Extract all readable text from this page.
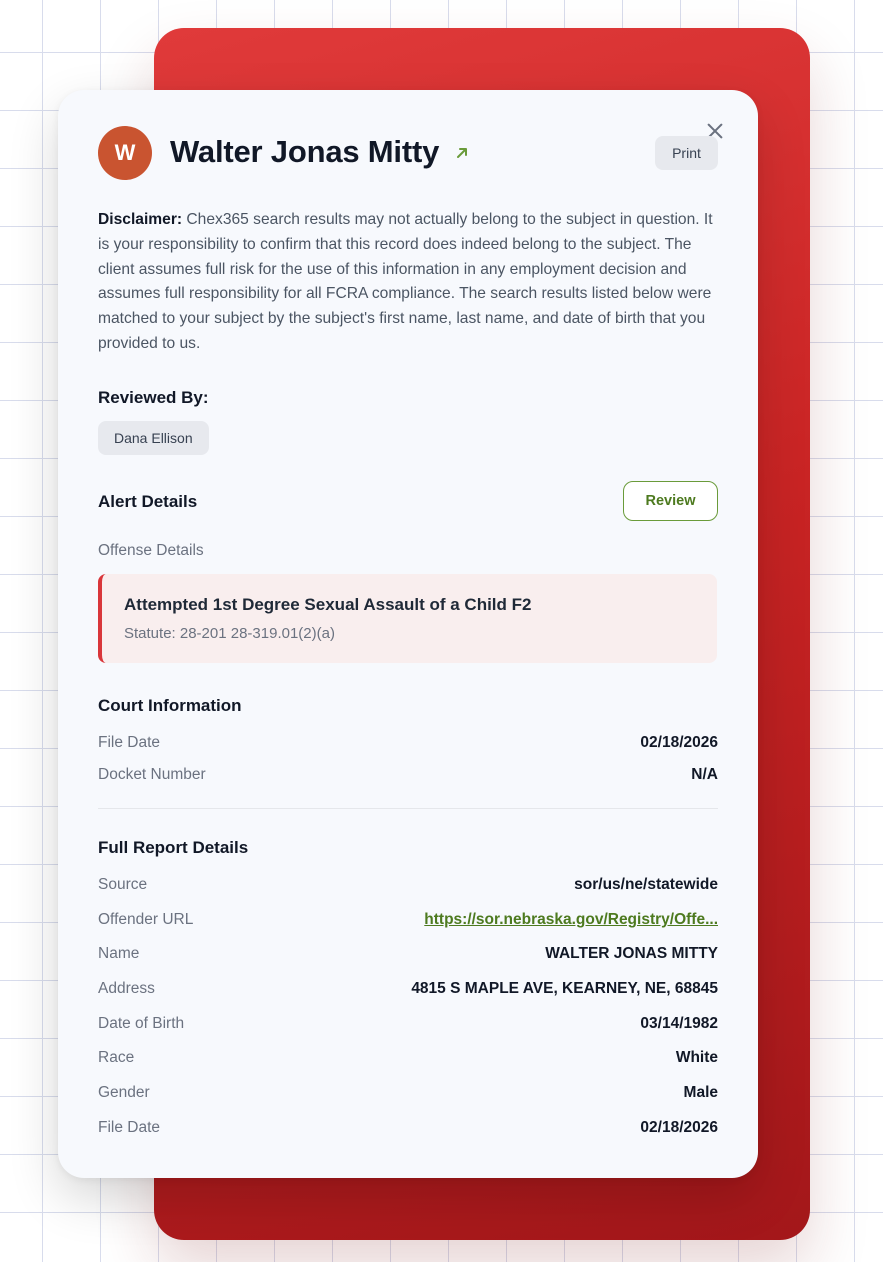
W	Walter Jonas Mitty	Print

Disclaimer: Chex365 search results may not actually belong to the subject in question. It is your responsibility to confirm that this record does indeed belong to the subject. The client assumes full risk for the use of this information in any employment decision and assumes full responsibility for all FCRA compliance. The search results listed below were matched to your subject by the subject's first name, last name, and date of birth that you provided to us.

Reviewed By:
Dana Ellison
Alert Details	Review
Offense Details
Attempted 1st Degree Sexual Assault of a Child F2
Statute: 28-201 28-319.01(2)(a)
Court Information
File Date	02/18/2026
Docket Number	N/A
Full Report Details
Source	sor/us/ne/statewide
Offender URL	https://sor.nebraska.gov/Registry/Offe...
Name	WALTER JONAS MITTY
Address	4815 S MAPLE AVE, KEARNEY, NE, 68845
Date of Birth	03/14/1982
Race	White
Gender	Male
File Date	02/18/2026
